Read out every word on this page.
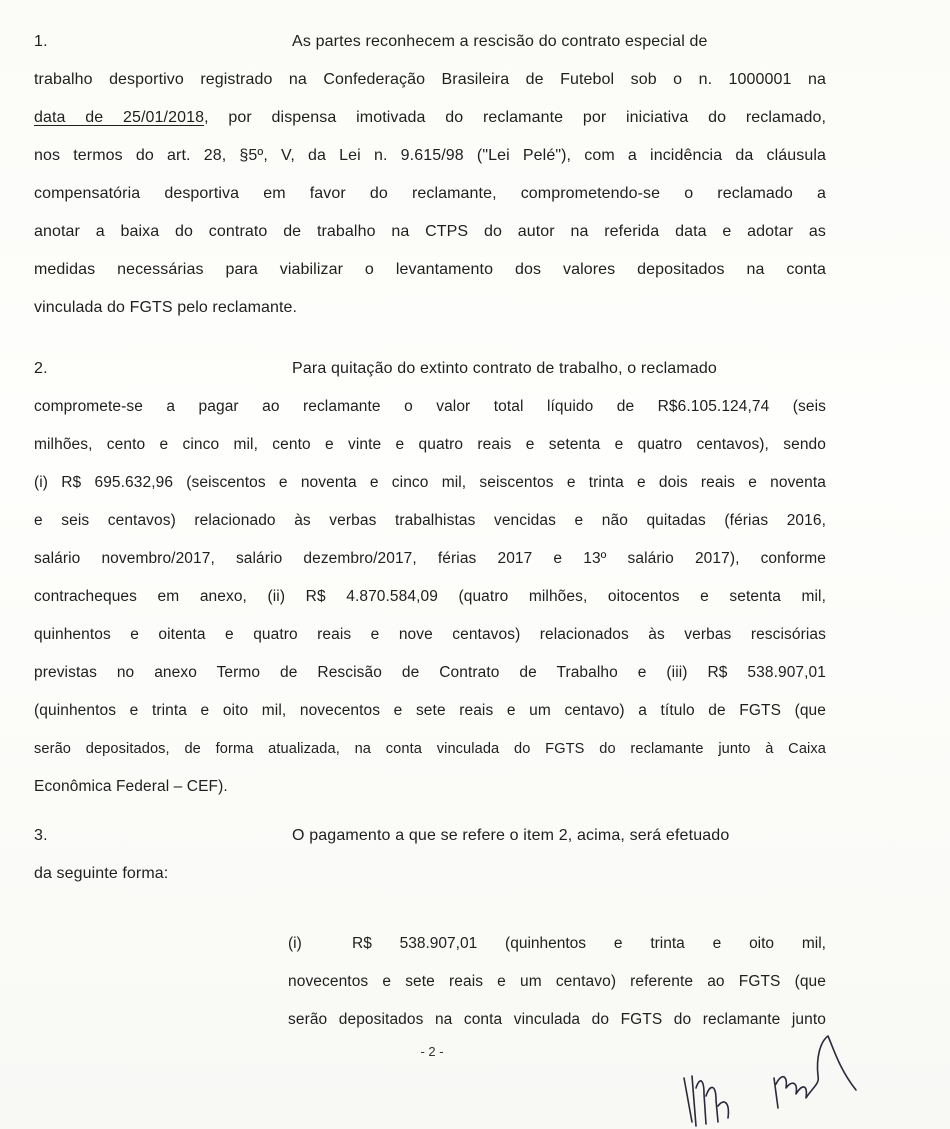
1.	As partes reconhecem a rescisão do contrato especial de
trabalho desportivo registrado na Confederação Brasileira de Futebol sob o n. 1000001 na
data de 25/01/2018, por dispensa imotivada do reclamante por iniciativa do reclamado,
nos termos do art. 28, §5º, V, da Lei n. 9.615/98 ("Lei Pelé"), com a incidência da cláusula
compensatória desportiva em favor do reclamante, comprometendo-se o reclamado a
anotar a baixa do contrato de trabalho na CTPS do autor na referida data e adotar as
medidas necessárias para viabilizar o levantamento dos valores depositados na conta
vinculada do FGTS pelo reclamante.
2.	Para quitação do extinto contrato de trabalho, o reclamado
compromete-se a pagar ao reclamante o valor total líquido de R$6.105.124,74 (seis
milhões, cento e cinco mil, cento e vinte e quatro reais e setenta e quatro centavos), sendo
(i) R$ 695.632,96 (seiscentos e noventa e cinco mil, seiscentos e trinta e dois reais e noventa
e seis centavos) relacionado às verbas trabalhistas vencidas e não quitadas (férias 2016,
salário novembro/2017, salário dezembro/2017, férias 2017 e 13º salário 2017), conforme
contracheques em anexo, (ii) R$ 4.870.584,09 (quatro milhões, oitocentos e setenta mil,
quinhentos e oitenta e quatro reais e nove centavos) relacionados às verbas rescisórias
previstas no anexo Termo de Rescisão de Contrato de Trabalho e (iii) R$ 538.907,01
(quinhentos e trinta e oito mil, novecentos e sete reais e um centavo) a título de FGTS (que
serão depositados, de forma atualizada, na conta vinculada do FGTS do reclamante junto à Caixa
Econômica Federal – CEF).
3.	O pagamento a que se refere o item 2, acima, será efetuado
da seguinte forma:
(i)	R$ 538.907,01 (quinhentos e trinta e oito mil,
novecentos e sete reais e um centavo) referente ao FGTS (que
serão depositados na conta vinculada do FGTS do reclamante junto
- 2 -
